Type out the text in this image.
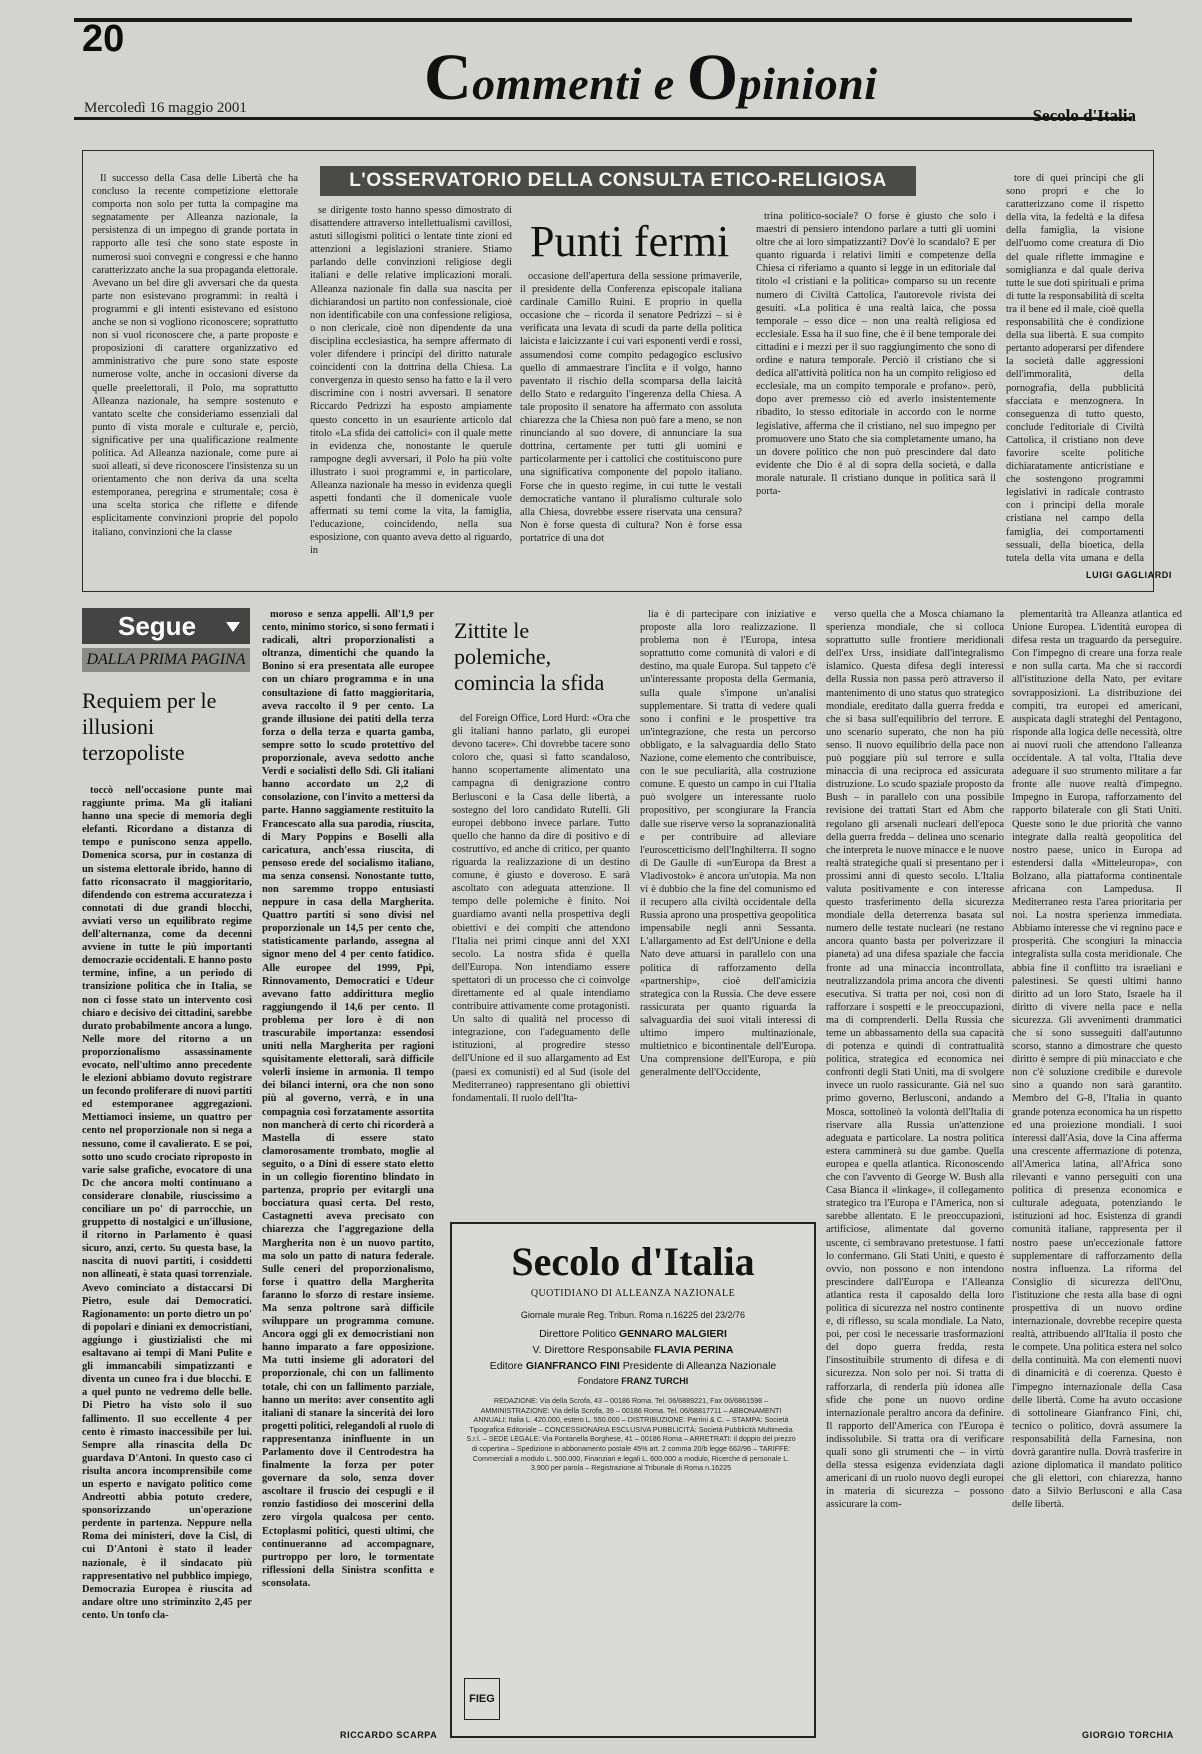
20
Commenti e Opinioni
Mercoledì 16 maggio 2001	Secolo d'Italia
L'OSSERVATORIO DELLA CONSULTA ETICO-RELIGIOSA
Punti fermi

Il successo della Casa delle Libertà che ha concluso la recente competizione elettorale comporta non solo per tutta la compagine ma segnatamente per Alleanza nazionale, la persistenza di un impegno di grande portata in rapporto alle tesi che sono state esposte in numerosi suoi convegni e congressi e che hanno caratterizzato anche la sua propaganda elettorale. Avevano un bel dire gli avversari che da questa parte non esistevano programmi: in realtà i programmi e gli intenti esistevano ed esistono anche se non si vogliono riconoscere; soprattutto non si vuol riconoscere che, a parte proposte e proposizioni di carattere organizzativo ed amministrativo che pure sono state esposte numerose volte, anche in occasioni diverse da quelle preelettorali, il Polo, ma soprattutto Alleanza nazionale, ha sempre sostenuto e vantato scelte che consideriamo essenziali dal punto di vista morale e culturale e, perciò, significative per una qualificazione realmente politica. Ad Alleanza nazionale, come pure ai suoi alleati, si deve riconoscere l'insistenza su un orientamento che non deriva da una scelta estemporanea, peregrina e strumentale; cosa è una scelta storica che riflette e difende esplicitamente convinzioni proprie del popolo italiano, convinzioni che la classe

se dirigente tosto hanno spesso dimostrato di disattendere attraverso intellettualismi cavillosi, astuti sillogismi politici o lentate tinte zioni ed attenzioni a legislazioni straniere. Stiamo parlando delle convinzioni religiose degli italiani e delle relative implicazioni morali. Alleanza nazionale fin dalla sua nascita per dichiarandosi un partito non confessionale, cioè non identificabile con una confessione religiosa, o non clericale, cioè non dipendente da una disciplina ecclesiastica, ha sempre affermato di voler difendere i principi del diritto naturale coincidenti con la dottrina della Chiesa. La convergenza in questo senso ha fatto e la il vero discrimine con i nostri avversari. Il senatore Riccardo Pedrizzi ha esposto ampiamente questo concetto in un esauriente articolo dal titolo «La sfida dei cattolici» con il quale mette in evidenza che, nonostante le querule rampogne degli avversari, il Polo ha più volte illustrato i suoi programmi e, in particolare, Alleanza nazionale ha messo in evidenza quegli aspetti fondanti che il domenicale vuole affermati su temi come la vita, la famiglia, l'educazione, coincidendo, nella sua esposizione, con quanto aveva detto al riguardo, in

occasione dell'apertura della sessione primaverile, il presidente della Conferenza episcopale italiana cardinale Camillo Ruini. E proprio in quella occasione che – ricorda il senatore Pedrizzi – si è verificata una levata di scudi da parte della politica laicista e laicizzante i cui vari esponenti verdi e rossi, assumendosi come compito pedagogico esclusivo quello di ammaestrare l'inclita e il volgo, hanno paventato il rischio della scomparsa della laicità dello Stato e redarguito l'ingerenza della Chiesa. A tale proposito il senatore ha affermato con assoluta chiarezza che la Chiesa non può fare a meno, se non rinunciando al suo dovere, di annunciare la sua dottrina, certamente per tutti gli uomini e particolarmente per i cattolici che costituiscono pure una significativa componente del popolo italiano. Forse che in questo regime, in cui tutte le vestali democratiche vantano il pluralismo culturale solo alla Chiesa, dovrebbe essere riservata una censura? Non è forse questa di cultura? Non è forse essa portatrice di una dot

trina politico-sociale? O forse è giusto che solo i maestri di pensiero intendono parlare a tutti gli uomini oltre che ai loro simpatizzanti? Dov'è lo scandalo? E per quanto riguarda i relativi limiti e competenze della Chiesa ci riferiamo a quanto si legge in un editoriale dal titolo «I cristiani e la politica» comparso su un recente numero di Civiltà Cattolica, l'autorevole rivista dei gesuiti. «La politica è una realtà laica, che possa temporale – esso dice – non una realtà religiosa ed ecclesiale. Essa ha il suo fine, che è il bene temporale dei cittadini e i mezzi per il suo raggiungimento che sono di ordine e natura temporale. Perciò il cristiano che si dedica all'attività politica non ha un compito religioso ed ecclesiale, ma un compito temporale e profano». però, dopo aver premesso ciò ed averlo insistentemente ribadito, lo stesso editoriale in accordo con le norme legislative, afferma che il cristiano, nel suo impegno per promuovere uno Stato che sia completamente umano, ha un dovere politico che non può prescindere dal dato evidente che Dio è al di sopra della società, e dalla morale naturale. Il cristiano dunque in politica sarà il porta-

tore di quei principi che gli sono propri e che lo caratterizzano come il rispetto della vita, la fedeltà e la difesa della famiglia, la visione dell'uomo come creatura di Dio del quale riflette immagine e somiglianza e dal quale deriva tutte le sue doti spirituali e prima di tutte la responsabilità di scelta tra il bene ed il male, cioè quella responsabilità che è condizione della sua libertà. E sua compito pertanto adoperarsi per difendere la società dalle aggressioni dell'immoralità, della pornografia, della pubblicità sfacciata e menzognera. In conseguenza di tutto questo, conclude l'editoriale di Civiltà Cattolica, il cristiano non deve favorire scelte politiche dichiaratamente anticristiane e che sostengono programmi legislativi in radicale contrasto con i principi della morale cristiana nel campo della famiglia, dei comportamenti sessuali, della bioetica, della tutela della vita umana e della

LUIGI GAGLIARDI
Segue
DALLA PRIMA PAGINA
Requiem per le illusioni terzopoliste

toccò nell'occasione punte mai raggiunte prima. Ma gli italiani hanno una specie di memoria degli elefanti. Ricordano a distanza di tempo e puniscono senza appello. Domenica scorsa, pur in costanza di un sistema elettorale ibrido, hanno di fatto riconsacrato il maggioritario, difendendo con estrema accuratezza i connotati di due grandi blocchi, avviati verso un equilibrato regime dell'alternanza, come da decenni avviene in tutte le più importanti democrazie occidentali. E hanno posto termine, infine, a un periodo di transizione politica che in Italia, se non ci fosse stato un intervento così chiaro e decisivo dei cittadini, sarebbe durato probabilmente ancora a lungo. Nelle more del ritorno a un proporzionalismo assassinamente evocato, nell'ultimo anno precedente le elezioni abbiamo dovuto registrare un fecondo proliferare di nuovi partiti ed estemporanee aggregazioni. Mettiamoci insieme, un quattro per cento nel proporzionale non si nega a nessuno, come il cavalierato. E se poi, sotto uno scudo crociato riproposto in varie salse grafiche, evocatore di una Dc che ancora molti continuano a considerare clonabile, riuscissimo a conciliare un po' di parrocchie, un gruppetto di nostalgici e un'illusione, il ritorno in Parlamento è quasi sicuro, anzi, certo. Su questa base, la nascita di nuovi partiti, i cosiddetti non allineati, è stata quasi torrenziale. Avevo cominciato a distaccarsi Di Pietro, esule dai Democratici. Ragionamento: un porto dietro un po' di popolari e diniani ex democristiani, aggiungo i giustizialisti che mi esaltavano ai tempi di Mani Pulite e gli immancabili simpatizzanti e diventa un cuneo fra i due blocchi. E a quel punto ne vedremo delle belle. Di Pietro ha visto solo il suo fallimento. Il suo eccellente 4 per cento è rimasto inaccessibile per lui. Sempre alla rinascita della Dc guardava D'Antoni. In questo caso ci risulta ancora incomprensibile come un esperto e navigato politico come Andreotti abbia potuto credere, sponsorizzando un'operazione perdente in partenza. Neppure nella Roma dei ministeri, dove la Cisl, di cui D'Antoni è stato il leader nazionale, è il sindacato più rappresentativo nel pubblico impiego, Democrazia Europea è riuscita ad andare oltre uno striminzito 2,45 per cento. Un tonfo cla-

moroso e senza appelli. All'1,9 per cento, minimo storico, si sono fermati i radicali, altri proporzionalisti a oltranza, dimentichi che quando la Bonino si era presentata alle europee con un chiaro programma e in una consultazione di fatto maggioritaria, aveva raccolto il 9 per cento. La grande illusione dei patiti della terza forza o della terza e quarta gamba, sempre sotto lo scudo protettivo del proporzionale, aveva sedotto anche Verdi e socialisti dello Sdi. Gli italiani hanno accordato un 2,2 di consolazione, con l'invito a mettersi da parte. Hanno saggiamente restituito la Francescato alla sua parodia, riuscita, di Mary Poppins e Boselli alla caricatura, anch'essa riuscita, di pensoso erede del socialismo italiano, ma senza consensi. Nonostante tutto, non saremmo troppo entusiasti neppure in casa della Margherita. Quattro partiti si sono divisi nel proporzionale un 14,5 per cento che, statisticamente parlando, assegna al signor meno del 4 per cento fatidico. Alle europee del 1999, Ppi, Rinnovamento, Democratici e Udeur avevano fatto addirittura meglio raggiungendo il 14,6 per cento. Il problema per loro è di non trascurabile importanza: essendosi uniti nella Margherita per ragioni squisitamente elettorali, sarà difficile volerli insieme in armonia. Il tempo dei bilanci interni, ora che non sono più al governo, verrà, e in una compagnia così forzatamente assortita non mancherà di certo chi ricorderà a Mastella di essere stato clamorosamente trombato, moglie al seguito, o a Dini di essere stato eletto in un collegio fiorentino blindato in partenza, proprio per evitargli una bocciatura quasi certa. Del resto, Castagnetti aveva precisato con chiarezza che l'aggregazione della Margherita non è un nuovo partito, ma solo un patto di natura federale. Sulle ceneri del proporzionalismo, forse i quattro della Margherita faranno lo sforzo di restare insieme. Ma senza poltrone sarà difficile sviluppare un programma comune. Ancora oggi gli ex democristiani non hanno imparato a fare opposizione. Ma tutti insieme gli adoratori del proporzionale, chi con un fallimento totale, chi con un fallimento parziale, hanno un merito: aver consentito agli italiani di stanare la sincerità dei loro progetti politici, relegandoli al ruolo di rappresentanza ininfluente in un Parlamento dove il Centrodestra ha finalmente la forza per poter governare da solo, senza dover ascoltare il fruscio dei cespugli e il ronzio fastidioso dei moscerini della zero virgola qualcosa per cento. Ectoplasmi politici, questi ultimi, che continueranno ad accompagnare, purtroppo per loro, le tormentate riflessioni della Sinistra sconfitta e sconsolata.

RICCARDO SCARPA
Zittite le polemiche, comincia la sfida

del Foreign Office, Lord Hurd: «Ora che gli italiani hanno parlato, gli europei devono tacere». Chi dovrebbe tacere sono coloro che, quasi si fatto scandaloso, hanno scopertamente alimentato una campagna di denigrazione contro Berlusconi e la Casa delle libertà, a sostegno del loro candidato Rutelli. Gli europei debbono invece parlare. Tutto quello che hanno da dire di positivo e di costruttivo, ed anche di critico, per quanto riguarda la realizzazione di un destino comune, è giusto e doveroso. E sarà ascoltato con adeguata attenzione. Il tempo delle polemiche è finito. Noi guardiamo avanti nella prospettiva degli obiettivi e dei compiti che attendono l'Italia nei primi cinque anni del XXI secolo. La nostra sfida è quella dell'Europa. Non intendiamo essere spettatori di un processo che ci coinvolge direttamente ed al quale intendiamo contribuire attivamente come protagonisti. Un salto di qualità nel processo di integrazione, con l'adeguamento delle istituzioni, al progredire stesso dell'Unione ed il suo allargamento ad Est (paesi ex comunisti) ed al Sud (isole del Mediterraneo) rappresentano gli obiettivi fondamentali. Il ruolo dell'Ita-

lia è di partecipare con iniziative e proposte alla loro realizzazione. Il problema non è l'Europa, intesa soprattutto come comunità di valori e di destino, ma quale Europa. Sul tappeto c'è un'interessante proposta della Germania, sulla quale s'impone un'analisi supplementare. Si tratta di vedere quali sono i confini e le prospettive tra un'integrazione, che resta un percorso obbligato, e la salvaguardia dello Stato Nazione, come elemento che contribuisce, con le sue peculiarità, alla costruzione comune. E questo un campo in cui l'Italia può svolgere un interessante ruolo propositivo, per scongiurare la Francia dalle sue riserve verso la sopranazionalità e per contribuire ad alleviare l'euroscetticismo dell'Inghilterra. Il sogno di De Gaulle di «un'Europa da Brest a Vladivostok» è ancora un'utopia. Ma non vi è dubbio che la fine del comunismo ed il recupero alla civiltà occidentale della Russia aprono una prospettiva geopolitica impensabile negli anni Sessanta. L'allargamento ad Est dell'Unione e della Nato deve attuarsi in parallelo con una politica di rafforzamento della «partnership», cioè dell'amicizia strategica con la Russia. Che deve essere rassicurata per quanto riguarda la salvaguardia dei suoi vitali interessi di ultimo impero multinazionale, multietnico e bicontinentale dell'Europa. Una comprensione dell'Europa, e più generalmente dell'Occidente,

verso quella che a Mosca chiamano la sperienza mondiale, che si colloca soprattutto sulle frontiere meridionali dell'ex Urss, insidiate dall'integralismo islamico. Questa difesa degli interessi della Russia non passa però attraverso il mantenimento di uno status quo strategico mondiale, ereditato dalla guerra fredda e che si basa sull'equilibrio del terrore. E uno scenario superato, che non ha più senso. Il nuovo equilibrio della pace non può poggiare più sul terrore e sulla minaccia di una reciproca ed assicurata distruzione. Lo scudo spaziale proposto da Bush – in parallelo con una possibile revisione dei trattati Start ed Abm che regolano gli arsenali nucleari dell'epoca della guerra fredda – delinea uno scenario che interpreta le nuove minacce e le nuove realtà strategiche quali si presentano per i prossimi anni di questo secolo. L'Italia valuta positivamente e con interesse questo trasferimento della sicurezza mondiale della deterrenza basata sul numero delle testate nucleari (ne restano ancora quanto basta per polverizzare il pianeta) ad una difesa spaziale che faccia fronte ad una minaccia incontrollata, neutralizzandola prima ancora che diventi esecutiva. Si tratta per noi, così non di rafforzare i sospetti e le preoccupazioni, ma di comprenderli. Della Russia che teme un abbassamento della sua capacità di potenza e quindi di contrattualità politica, strategica ed economica nei confronti degli Stati Uniti, ma di svolgere invece un ruolo rassicurante. Già nel suo primo governo, Berlusconi, andando a Mosca, sottolineò la volontà dell'Italia di riservare alla Russia un'attenzione adeguata e particolare. La nostra politica estera camminerà su due gambe. Quella europea e quella atlantica. Riconoscendo che con l'avvento di George W. Bush alla Casa Bianca il «linkage», il collegamento strategico tra l'Europa e l'America, non si sarebbe allentato. E le preoccupazioni, artificiose, alimentate dal governo uscente, ci sembravano pretestuose. I fatti lo confermano. Gli Stati Uniti, e questo è ovvio, non possono e non intendono prescindere dall'Europa e l'Alleanza atlantica resta il caposaldo della loro politica di sicurezza nel nostro continente e, di riflesso, su scala mondiale. La Nato, poi, per così le necessarie trasformazioni del dopo guerra fredda, resta l'insostituibile strumento di difesa e di sicurezza. Non solo per noi. Si tratta di rafforzarla, di renderla più idonea alle sfide che pone un nuovo ordine internazionale peraltro ancora da definire. Il rapporto dell'America con l'Europa è indissolubile. Si tratta ora di verificare quali sono gli strumenti che – in virtù della stessa esigenza evidenziata dagli americani di un ruolo nuovo degli europei in materia di sicurezza – possono assicurare la com-

plementarità tra Alleanza atlantica ed Unione Europea. L'identità europea di difesa resta un traguardo da perseguire. Con l'impegno di creare una forza reale e non sulla carta. Ma che si raccordi all'istituzione della Nato, per evitare sovrapposizioni. La distribuzione dei compiti, tra europei ed americani, auspicata dagli strateghi del Pentagono, risponde alla logica delle necessità, oltre ai nuovi ruoli che attendono l'alleanza occidentale. A tal volta, l'Italia deve adeguare il suo strumento militare a far fronte alle nuove realtà d'impegno. Impegno in Europa, rafforzamento del rapporto bilaterale con gli Stati Uniti. Queste sono le due priorità che vanno integrate dalla realtà geopolitica del nostro paese, unico in Europa ad estendersi dalla «Mitteleuropa», con Bolzano, alla piattaforma continentale africana con Lampedusa. Il Mediterraneo resta l'area prioritaria per noi. La nostra sperienza immediata. Abbiamo interesse che vi regnino pace e prosperità. Che scongiuri la minaccia integralista sulla costa meridionale. Che abbia fine il conflitto tra israeliani e palestinesi. Se questi ultimi hanno diritto ad un loro Stato, Israele ha il diritto di vivere nella pace e nella sicurezza. Gli avvenimenti drammatici che si sono susseguiti dall'autunno scorso, stanno a dimostrare che questo diritto è sempre di più minacciato e che non c'è soluzione credibile e durevole sino a quando non sarà garantito. Membro del G-8, l'Italia in quanto grande potenza economica ha un rispetto ed una proiezione mondiali. I suoi interessi dall'Asia, dove la Cina afferma una crescente affermazione di potenza, all'America latina, all'Africa sono rilevanti e vanno perseguiti con una politica di presenza economica e culturale adeguata, potenziando le istituzioni ad hoc. Esistenza di grandi comunità italiane, rappresenta per il nostro paese un'eccezionale fattore supplementare di rafforzamento della nostra influenza. La riforma del Consiglio di sicurezza dell'Onu, l'istituzione che resta alla base di ogni prospettiva di un nuovo ordine internazionale, dovrebbe recepire questa realtà, attribuendo all'Italia il posto che le compete. Una politica estera nel solco della continuità. Ma con elementi nuovi di dinamicità e di coerenza. Questo è l'impegno internazionale della Casa delle libertà. Come ha avuto occasione di sottolineare Gianfranco Fini, chi, tecnico o politico, dovrà assumere la responsabilità della Farnesina, non dovrà garantire nulla. Dovrà trasferire in azione diplomatica il mandato politico che gli elettori, con chiarezza, hanno dato a Silvio Berlusconi e alla Casa delle libertà.

GIORGIO TORCHIA
Secolo d'Italia
QUOTIDIANO DI ALLEANZA NAZIONALE
Giornale murale Reg. Tribun. Roma n.16225 del 23/2/76
Direttore Politico GENNARO MALGIERI
V. Direttore Responsabile FLAVIA PERINA
Editore GIANFRANCO FINI Presidente di Alleanza Nazionale
Fondatore FRANZ TURCHI
REDAZIONE: Via della Scrofa, 43 – 00186 Roma. Tel. 06/6889221, Fax 06/6861598 – AMMINISTRAZIONE: Via della Scrofa, 39 – 00186 Roma. Tel. 06/68817711 – ABBONAMENTI ANNUALI: Italia L. 420.000, estero L. 550.000 – DISTRIBUZIONE: Parrini & C. – STAMPA: Società Tipografica Editoriale – CONCESSIONARIA ESCLUSIVA PUBBLICITÀ: Società Pubblicità Multimedia S.r.l. – SEDE LEGALE: Via Fontanella Borghese, 41 – 00186 Roma – ARRETRATI: il doppio del prezzo di copertina – Spedizione in abbonamento postale 45% art. 2 comma 20/b legge 662/96 – TARIFFE: Commerciali a modulo L. 500.000, Finanziari e legali L. 600.000 a modulo, Ricerche di personale L. 3.900 per parola – Registrazione al Tribunale di Roma n.16225
FIEG
